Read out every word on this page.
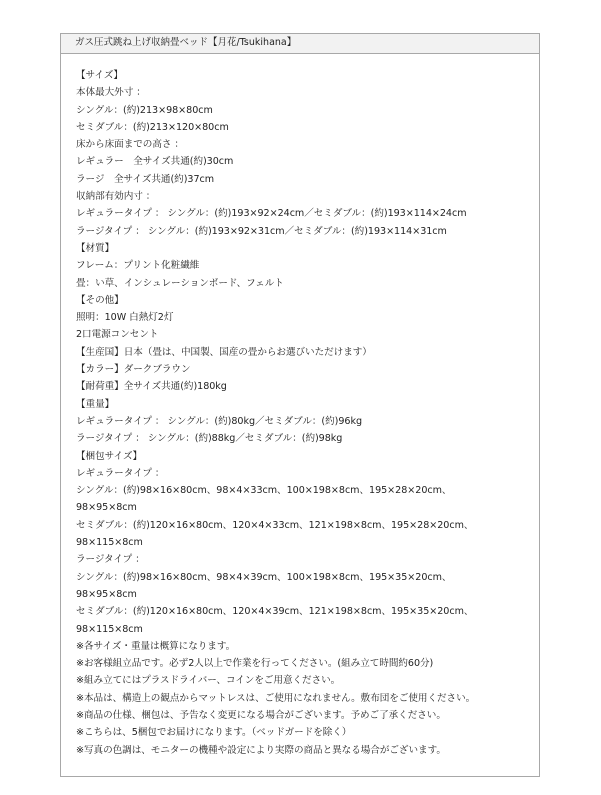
ガス圧式跳ね上げ収納畳ベッド【月花/Tsukihana】
【サイズ】
本体最大外寸 ：
シングル：(約)213×98×80cm
セミダブル：(約)213×120×80cm
床から床面までの高さ ：
レギュラー　全サイズ共通(約)30cm
ラージ　全サイズ共通(約)37cm
収納部有効内寸 ：
レギュラータイプ ： シングル：(約)193×92×24cm／セミダブル：(約)193×114×24cm
ラージタイプ ： シングル：(約)193×92×31cm／セミダブル：(約)193×114×31cm
【材質】
フレーム：プリント化粧繊維
畳：い草、インシュレーションボード、フェルト
【その他】
照明：10W 白熱灯2灯
2口電源コンセント
【生産国】日本（畳は、中国製、国産の畳からお選びいただけます）
【カラー】ダークブラウン
【耐荷重】全サイズ共通(約)180kg
【重量】
レギュラータイプ ： シングル：(約)80kg／セミダブル：(約)96kg
ラージタイプ ： シングル：(約)88kg／セミダブル：(約)98kg
【梱包サイズ】
レギュラータイプ ：
シングル：(約)98×16×80cm、98×4×33cm、100×198×8cm、195×28×20cm、
98×95×8cm
セミダブル：(約)120×16×80cm、120×4×33cm、121×198×8cm、195×28×20cm、
98×115×8cm
ラージタイプ ：
シングル：(約)98×16×80cm、98×4×39cm、100×198×8cm、195×35×20cm、
98×95×8cm
セミダブル：(約)120×16×80cm、120×4×39cm、121×198×8cm、195×35×20cm、
98×115×8cm
※各サイズ・重量は概算になります。
※お客様組立品です。必ず2人以上で作業を行ってください。(組み立て時間約60分)
※組み立てにはプラスドライバー、コインをご用意ください。
※本品は、構造上の観点からマットレスは、ご使用になれません。敷布団をご使用ください。
※商品の仕様、梱包は、予告なく変更になる場合がございます。予めご了承ください。
※こちらは、5梱包でお届けになります。（ベッドガードを除く）
※写真の色調は、モニターの機種や設定により実際の商品と異なる場合がございます。
